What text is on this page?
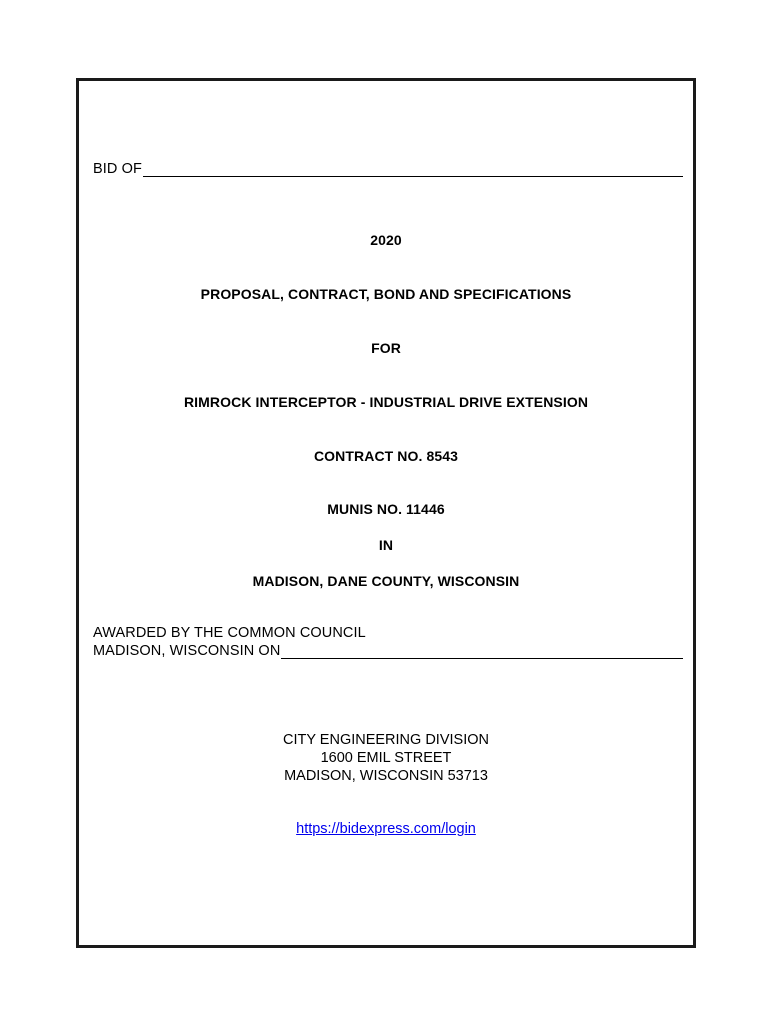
BID OF
2020
PROPOSAL, CONTRACT, BOND AND SPECIFICATIONS
FOR
RIMROCK INTERCEPTOR - INDUSTRIAL DRIVE EXTENSION
CONTRACT NO. 8543
MUNIS NO. 11446
IN
MADISON, DANE COUNTY, WISCONSIN
AWARDED BY THE COMMON COUNCIL
MADISON, WISCONSIN ON
CITY ENGINEERING DIVISION
1600 EMIL STREET
MADISON, WISCONSIN 53713
https://bidexpress.com/login
